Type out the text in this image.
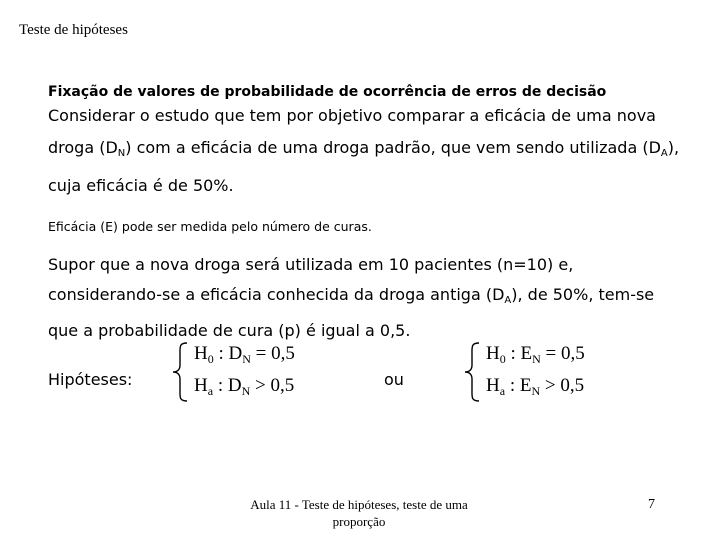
Teste de hipóteses
Fixação de valores de probabilidade de ocorrência de erros de decisão
Considerar o estudo que tem por objetivo comparar a eficácia de uma nova droga $(D_N)$ com a eficácia de uma droga padrão, que vem sendo utilizada $(D_A)$, cuja eficácia é de 50%.
Eficácia (E) pode ser medida pelo número de curas.
Supor que a nova droga será utilizada em 10 pacientes (n=10) e, considerando-se a eficácia conhecida da droga antiga $(D_A)$, de 50%, tem-se que a probabilidade de cura (p) é igual a 0,5.
Hipóteses:
$H_0$ : $D_N = 0,5$
$H_a$ : $D_N > 0,5$	ou
$H_0$ : $E_N = 0,5$
$H_a$ : $E_N > 0,5$
Aula 11 - Teste de hipóteses, teste de uma proporção
7
